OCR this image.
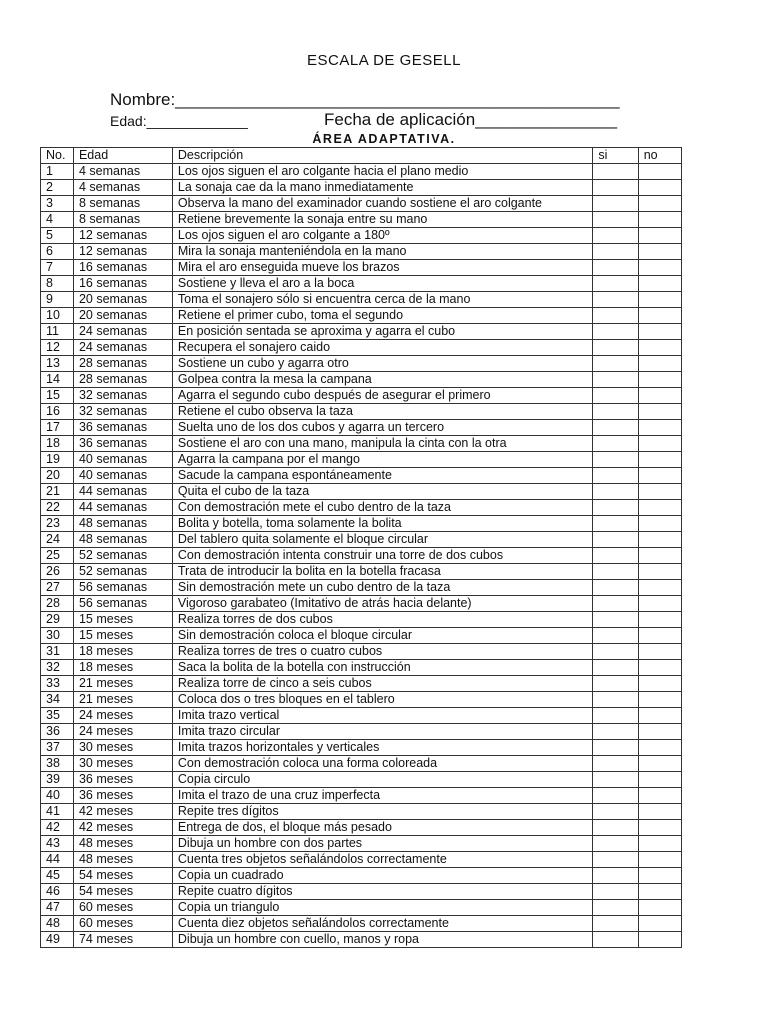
ESCALA DE GESELL
Nombre:_______________________________________________
Edad:_____________	Fecha de aplicación_______________
ÁREA ADAPTATIVA.
No.	Edad	Descripción	si	no
1	4 semanas	Los ojos siguen el aro colgante hacia el plano medio		
2	4 semanas	La sonaja cae da la mano inmediatamente		
3	8 semanas	Observa la mano del examinador cuando sostiene el aro colgante		
4	8 semanas	Retiene brevemente la sonaja entre su mano		
5	12 semanas	Los ojos siguen el aro colgante a 180º		
6	12 semanas	Mira la sonaja manteniéndola en la mano		
7	16 semanas	Mira el aro enseguida mueve los brazos		
8	16 semanas	Sostiene y lleva el aro a la boca		
9	20 semanas	Toma el sonajero sólo si encuentra cerca de la mano		
10	20 semanas	Retiene el primer cubo, toma el segundo		
11	24 semanas	En posición sentada se aproxima y agarra el cubo		
12	24 semanas	Recupera el sonajero caido		
13	28 semanas	Sostiene un cubo y agarra otro		
14	28 semanas	Golpea contra la mesa la campana		
15	32 semanas	Agarra el segundo cubo después de asegurar el primero		
16	32 semanas	Retiene el cubo observa la taza		
17	36 semanas	Suelta uno de los dos cubos y agarra un tercero		
18	36 semanas	Sostiene el aro con una mano, manipula la cinta con la otra		
19	40 semanas	Agarra la campana por el mango		
20	40 semanas	Sacude la campana espontáneamente		
21	44 semanas	Quita el cubo de la taza		
22	44 semanas	Con demostración mete el cubo dentro de la taza		
23	48 semanas	Bolita y botella, toma solamente la bolita		
24	48 semanas	Del tablero quita solamente el bloque circular		
25	52 semanas	Con demostración intenta construir una torre de dos cubos		
26	52 semanas	Trata de introducir la bolita en la botella fracasa		
27	56 semanas	Sin demostración mete un cubo dentro de la taza		
28	56 semanas	Vigoroso garabateo (Imitativo de atrás hacia delante)		
29	15 meses	Realiza torres de dos cubos		
30	15 meses	Sin demostración coloca el bloque circular		
31	18 meses	Realiza torres de tres o cuatro cubos		
32	18 meses	Saca la bolita de la botella con instrucción		
33	21 meses	Realiza torre de cinco a seis cubos		
34	21 meses	Coloca dos o tres bloques en el tablero		
35	24 meses	Imita trazo vertical		
36	24 meses	Imita trazo circular		
37	30 meses	Imita trazos horizontales y verticales		
38	30 meses	Con demostración coloca una forma coloreada		
39	36 meses	Copia circulo		
40	36 meses	Imita el trazo de una cruz imperfecta		
41	42 meses	Repite tres dígitos		
42	42 meses	Entrega de dos, el bloque más pesado		
43	48 meses	Dibuja un hombre con dos partes		
44	48 meses	Cuenta tres objetos señalándolos correctamente		
45	54 meses	Copia un cuadrado		
46	54 meses	Repite cuatro dígitos		
47	60 meses	Copia un triangulo		
48	60 meses	Cuenta diez objetos señalándolos correctamente		
49	74 meses	Dibuja un hombre con cuello, manos y ropa		
